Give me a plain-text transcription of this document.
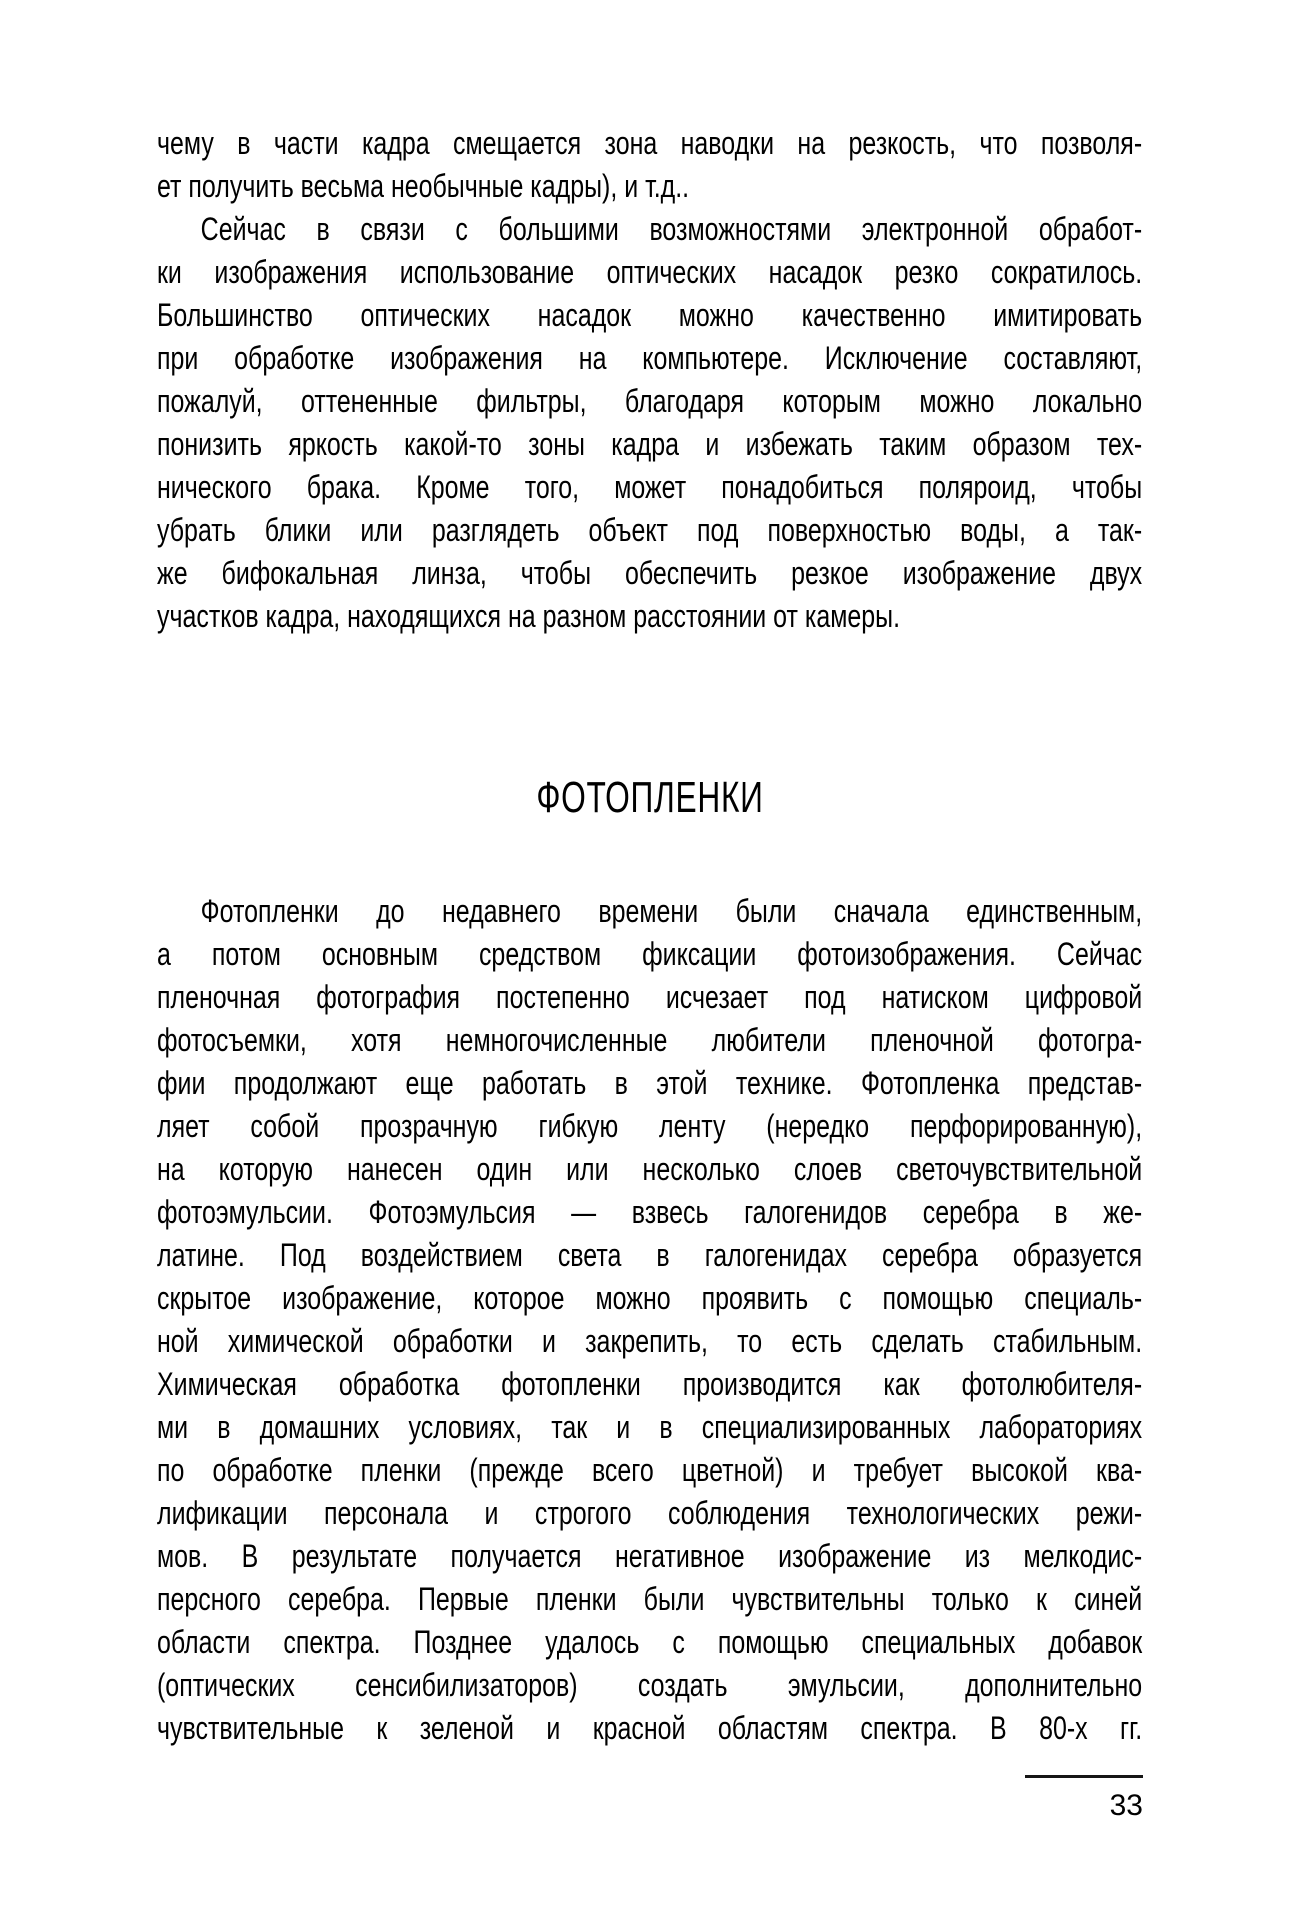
чему в части кадра смещается зона наводки на резкость, что позволя-
ет получить весьма необычные кадры), и т.д..
Сейчас в связи с большими возможностями электронной обработ-
ки изображения использование оптических насадок резко сократилось.
Большинство оптических насадок можно качественно имитировать
при обработке изображения на компьютере. Исключение составляют,
пожалуй, оттененные фильтры, благодаря которым можно локально
понизить яркость какой-то зоны кадра и избежать таким образом тех-
нического брака. Кроме того, может понадобиться поляроид, чтобы
убрать блики или разглядеть объект под поверхностью воды, а так-
же бифокальная линза, чтобы обеспечить резкое изображение двух
участков кадра, находящихся на разном расстоянии от камеры.
ФОТОПЛЕНКИ
Фотопленки до недавнего времени были сначала единственным,
а потом основным средством фиксации фотоизображения. Сейчас
пленочная фотография постепенно исчезает под натиском цифровой
фотосъемки, хотя немногочисленные любители пленочной фотогра-
фии продолжают еще работать в этой технике. Фотопленка представ-
ляет собой прозрачную гибкую ленту (нередко перфорированную),
на которую нанесен один или несколько слоев светочувствительной
фотоэмульсии. Фотоэмульсия — взвесь галогенидов серебра в же-
латине. Под воздействием света в галогенидах серебра образуется
скрытое изображение, которое можно проявить с помощью специаль-
ной химической обработки и закрепить, то есть сделать стабильным.
Химическая обработка фотопленки производится как фотолюбителя-
ми в домашних условиях, так и в специализированных лабораториях
по обработке пленки (прежде всего цветной) и требует высокой ква-
лификации персонала и строгого соблюдения технологических режи-
мов. В результате получается негативное изображение из мелкодис-
персного серебра. Первые пленки были чувствительны только к синей
области спектра. Позднее удалось с помощью специальных добавок
(оптических сенсибилизаторов) создать эмульсии, дополнительно
чувствительные к зеленой и красной областям спектра. В 80-х гг.
33
